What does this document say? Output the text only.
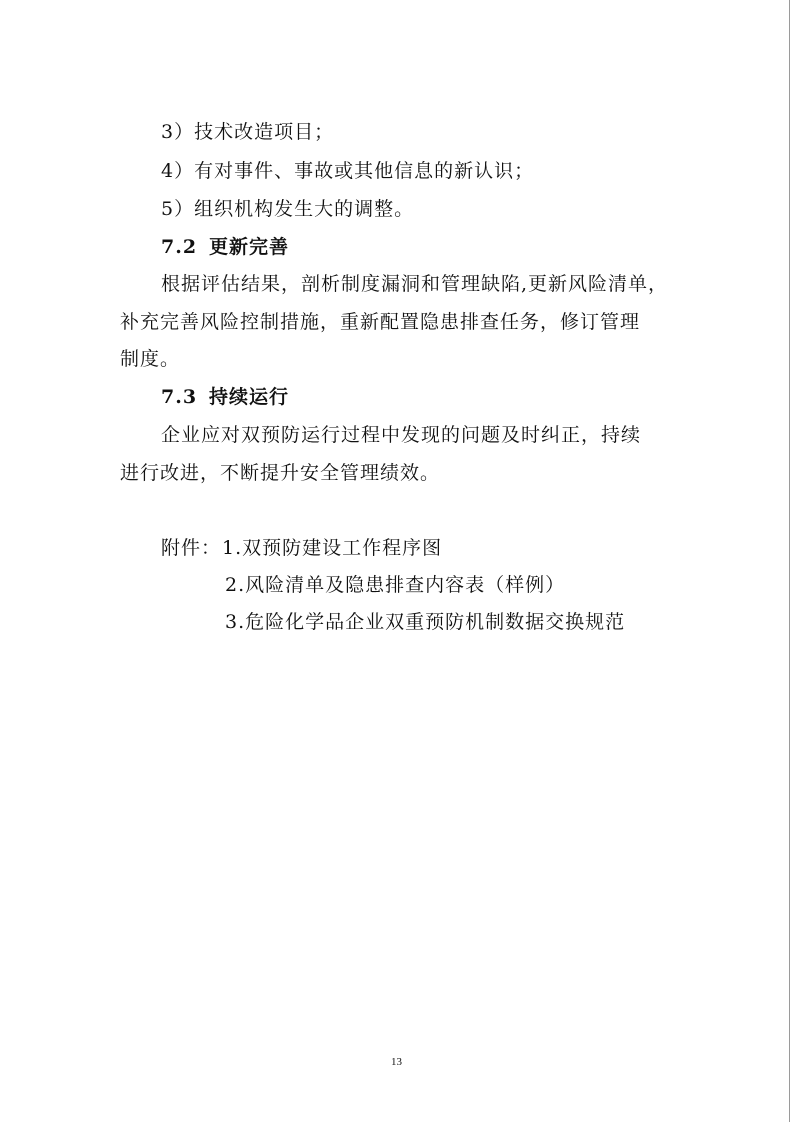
3）技术改造项目；
4）有对事件、事故或其他信息的新认识；
5）组织机构发生大的调整。
7.2 更新完善
根据评估结果，剖析制度漏洞和管理缺陷,更新风险清单，
补充完善风险控制措施，重新配置隐患排查任务，修订管理
制度。
7.3 持续运行
企业应对双预防运行过程中发现的问题及时纠正，持续
进行改进，不断提升安全管理绩效。
附件： 1.双预防建设工作程序图
2.风险清单及隐患排查内容表（样例）
3.危险化学品企业双重预防机制数据交换规范
13
